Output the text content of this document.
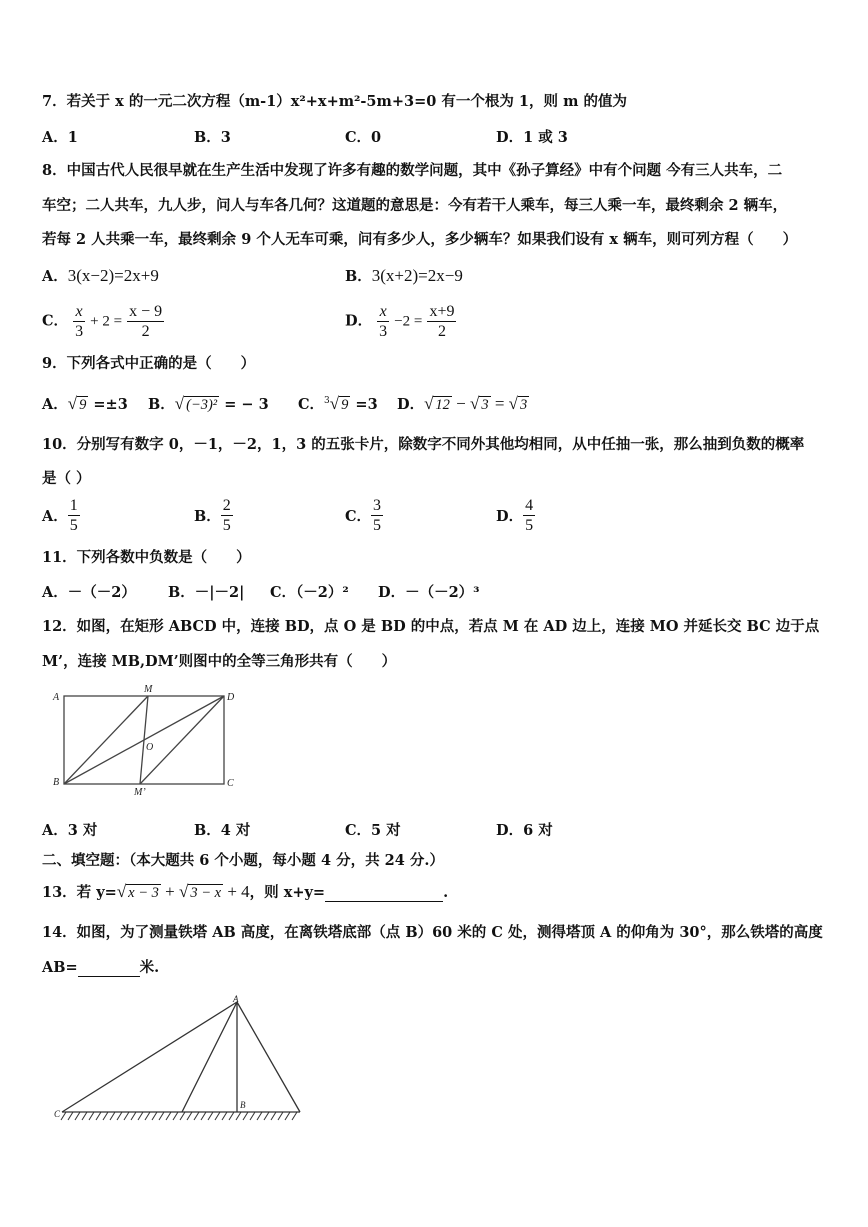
7．若关于 x 的一元二次方程（m-1）x²+x+m²-5m+3=0 有一个根为 1，则 m 的值为
A．1	B．3	C．0	D．1 或 3
8．中国古代人民很早就在生产生活中发现了许多有趣的数学问题，其中《孙子算经》中有个问题 今有三人共车，二
车空；二人共车，九人步，问人与车各几何？这道题的意思是：今有若干人乘车，每三人乘一车，最终剩余 2 辆车，
若每 2 人共乘一车，最终剩余 9 个人无车可乘，问有多少人，多少辆车？如果我们设有 x 辆车，则可列方程（　　）
A．3(x−2)=2x+9	B．3(x+2)=2x−9
C． $\frac{x}{3} + 2 = \frac{x - 9}{2}$	D． $\frac{x}{3} -2 = \frac{x+9}{2}$
9．下列各式中正确的是（　　）
A．√ 9 =±3 B．√ (−3)² = − 3 C．$^3$√ 9 =3 D．√ 12 − √ 3 = √ 3
10．分别写有数字 0，－1，－2，1，3 的五张卡片，除数字不同外其他均相同，从中任抽一张，那么抽到负数的概率
是（ ）
A． $\frac{1}{5}$	B． $\frac{2}{5}$	C． $\frac{3}{5}$	D． $\frac{4}{5}$
11．下列各数中负数是（　　）
A．－（－2） B．－|－2| C．（－2）² D．－（－2）³
12．如图，在矩形 ABCD 中，连接 BD，点 O 是 BD 的中点，若点 M 在 AD 边上，连接 MO 并延长交 BC 边于点
M’，连接 MB,DM’则图中的全等三角形共有（　　）
A
M
D
O
B
M’
C
A．3 对	B．4 对	C．5 对	D．6 对
二、填空题：（本大题共 6 个小题，每小题 4 分，共 24 分.）
13．若 y=√ x − 3 + √ 3 − x + 4，则 x+y=	.
14．如图，为了测量铁塔 AB 高度，在离铁塔底部（点 B）60 米的 C 处，测得塔顶 A 的仰角为 30°，那么铁塔的高度
AB=	米.
A
B
C
